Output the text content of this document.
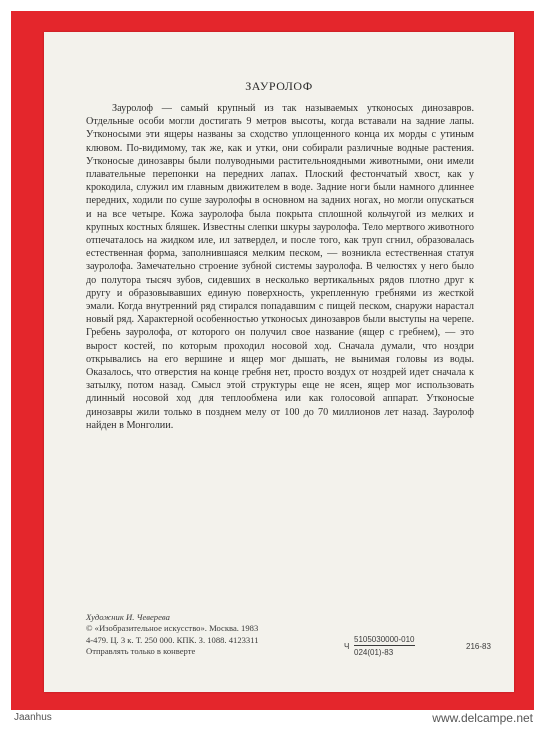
ЗАУРОЛОФ

Зауролоф — самый крупный из так называемых утконосых динозавров. Отдельные особи могли достигать 9 метров высоты, когда вставали на задние лапы. Утконосыми эти ящеры названы за сходство уплощенного конца их морды с утиным клювом. По-видимому, так же, как и утки, они собирали различные водные растения. Утконосые динозавры были полуводными растительноядными животными, они имели плавательные перепонки на передних лапах. Плоский фестончатый хвост, как у крокодила, служил им главным движителем в воде. Задние ноги были намного длиннее передних, ходили по суше зауролофы в основном на задних ногах, но могли опускаться и на все четыре. Кожа зауролофа была покрыта сплошной кольчугой из мелких и крупных костных бляшек. Известны слепки шкуры зауролофа. Тело мертвого животного отпечаталось на жидком иле, ил затвердел, и после того, как труп сгнил, образовалась естественная форма, заполнившаяся мелким песком, — возникла естественная статуя зауролофа. Замечательно строение зубной системы зауролофа. В челюстях у него было до полутора тысяч зубов, сидевших в несколько вертикальных рядов плотно друг к другу и образовывавших единую поверхность, укрепленную гребнями из жесткой эмали. Когда внутренний ряд стирался попадавшим с пищей песком, снаружи нарастал новый ряд. Характерной особенностью утконосых динозавров были выступы на черепе. Гребень зауролофа, от которого он получил свое название (ящер с гребнем), — это вырост костей, по которым проходил носовой ход. Сначала думали, что ноздри открывались на его вершине и ящер мог дышать, не вынимая головы из воды. Оказалось, что отверстия на конце гребня нет, просто воздух от ноздрей идет сначала к затылку, потом назад. Смысл этой структуры еще не ясен, ящер мог использовать длинный носовой ход для теплообмена или как голосовой аппарат. Утконосые динозавры жили только в позднем мелу от 100 до 70 миллионов лет назад. Зауролоф найден в Монголии.

Художник И. Чеверева
© «Изобразительное искусство». Москва. 1983
4-479. Ц. 3 к. Т. 250 000. КПК. З. 1088. 4123311
Отправлять только в конверте	Ч
5105030000-010
024(01)-83
216-83
Jaanhus	www.delcampe.net
